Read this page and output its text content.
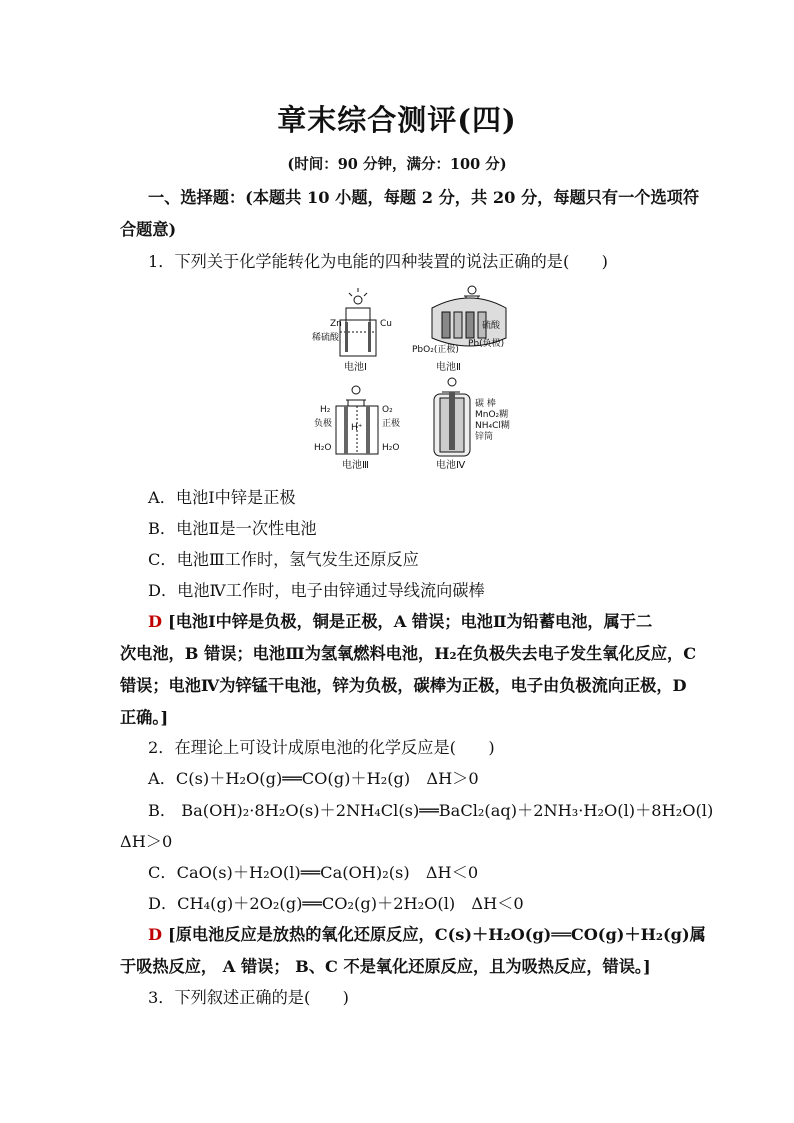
章末综合测评(四)
(时间：90 分钟，满分：100 分)
一、选择题：(本题共 10 小题，每题 2 分，共 20 分，每题只有一个选项符
合题意)
1．下列关于化学能转化为电能的四种装置的说法正确的是(　　)
Zn	Cu
稀硫酸
电池Ⅰ
硫酸
PbO₂(正极)
Pb(负极)
电池Ⅱ
H₂	O₂
负极	正极
H⁺
H₂O	H₂O
电池Ⅲ
碳 棒
MnO₂糊
NH₄Cl糊
锌筒
电池Ⅳ
A．电池Ⅰ中锌是正极
B．电池Ⅱ是一次性电池
C．电池Ⅲ工作时，氢气发生还原反应
D．电池Ⅳ工作时，电子由锌通过导线流向碳棒
D [电池Ⅰ中锌是负极，铜是正极，A 错误；电池Ⅱ为铅蓄电池，属于二
次电池，B 错误；电池Ⅲ为氢氧燃料电池，H₂在负极失去电子发生氧化反应，C
错误；电池Ⅳ为锌锰干电池，锌为负极，碳棒为正极，电子由负极流向正极，D
正确。]
2．在理论上可设计成原电池的化学反应是(　　)
A．C(s)＋H₂O(g)══CO(g)＋H₂(g)　ΔH＞0
B． Ba(OH)₂·8H₂O(s)＋2NH₄Cl(s)══BaCl₂(aq)＋2NH₃·H₂O(l)＋8H₂O(l)
ΔH＞0
C．CaO(s)＋H₂O(l)══Ca(OH)₂(s)　ΔH＜0
D．CH₄(g)＋2O₂(g)══CO₂(g)＋2H₂O(l)　ΔH＜0
D [原电池反应是放热的氧化还原反应，C(s)＋H₂O(g)══CO(g)＋H₂(g)属
于吸热反应， A 错误； B、C 不是氧化还原反应，且为吸热反应，错误。]
3．下列叙述正确的是(　　)
